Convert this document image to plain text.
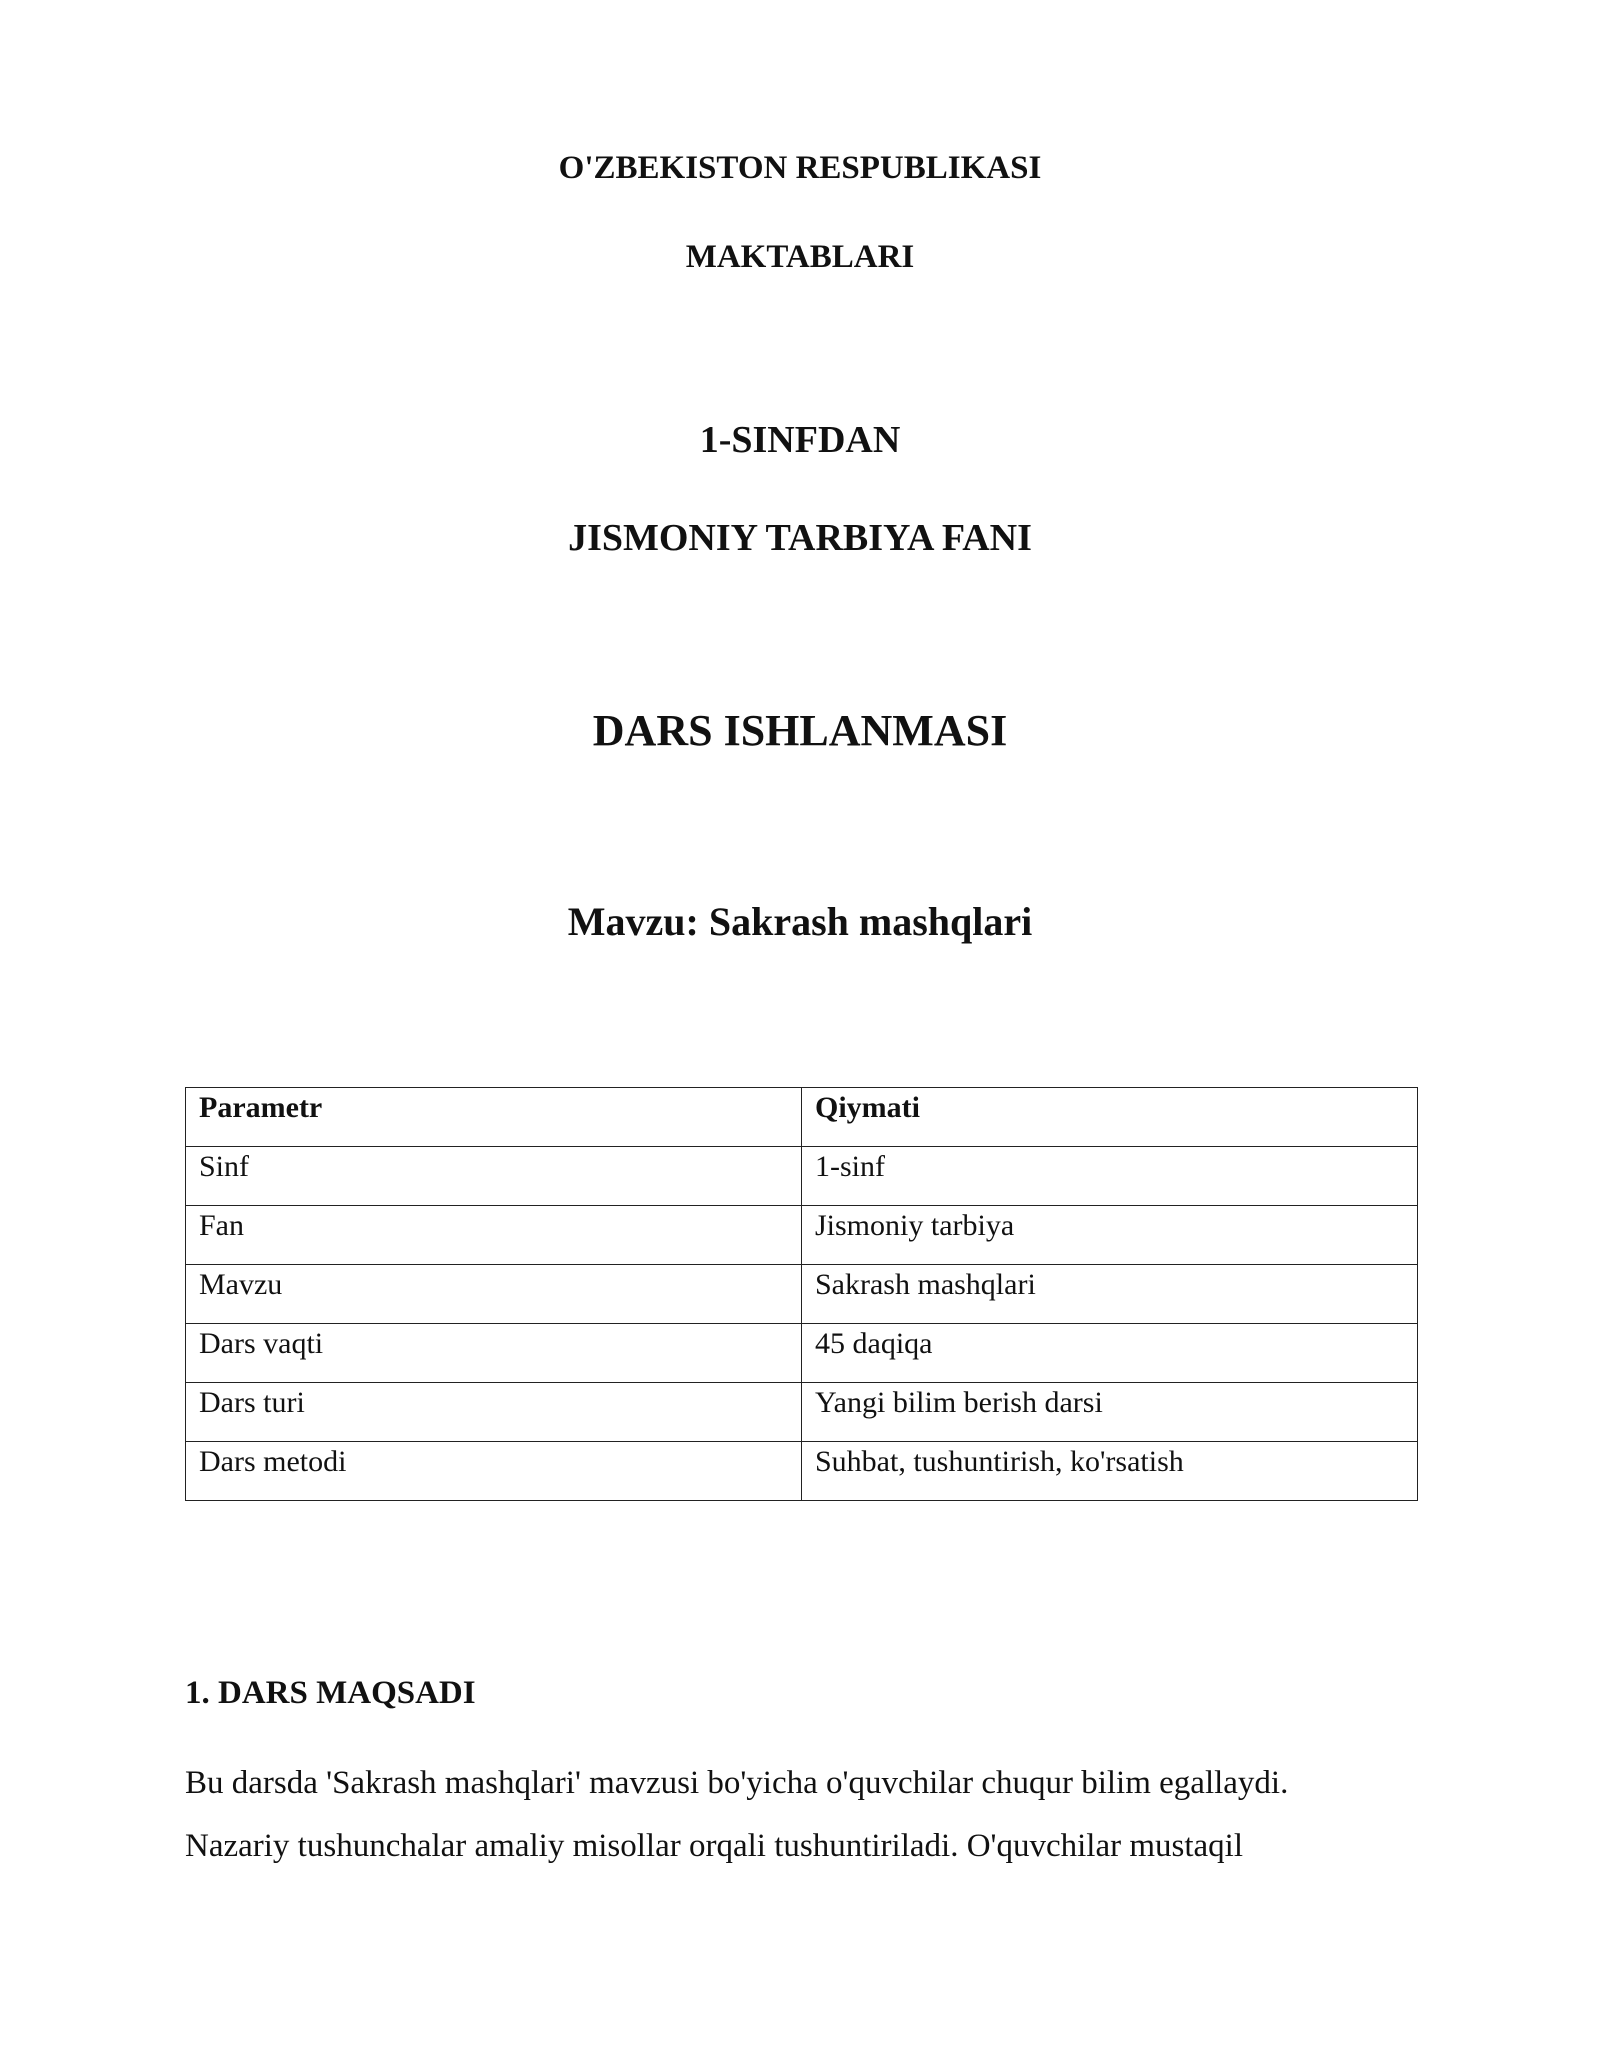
O'ZBEKISTON RESPUBLIKASI
MAKTABLARI
1-SINFDAN
JISMONIY TARBIYA FANI
DARS ISHLANMASI
Mavzu: Sakrash mashqlari
Parametr	Qiymati
Sinf	1-sinf
Fan	Jismoniy tarbiya
Mavzu	Sakrash mashqlari
Dars vaqti	45 daqiqa
Dars turi	Yangi bilim berish darsi
Dars metodi	Suhbat, tushuntirish, ko'rsatish
1. DARS MAQSADI

Bu darsda 'Sakrash mashqlari' mavzusi bo'yicha o'quvchilar chuqur bilim egallaydi.

Nazariy tushunchalar amaliy misollar orqali tushuntiriladi. O'quvchilar mustaqil
